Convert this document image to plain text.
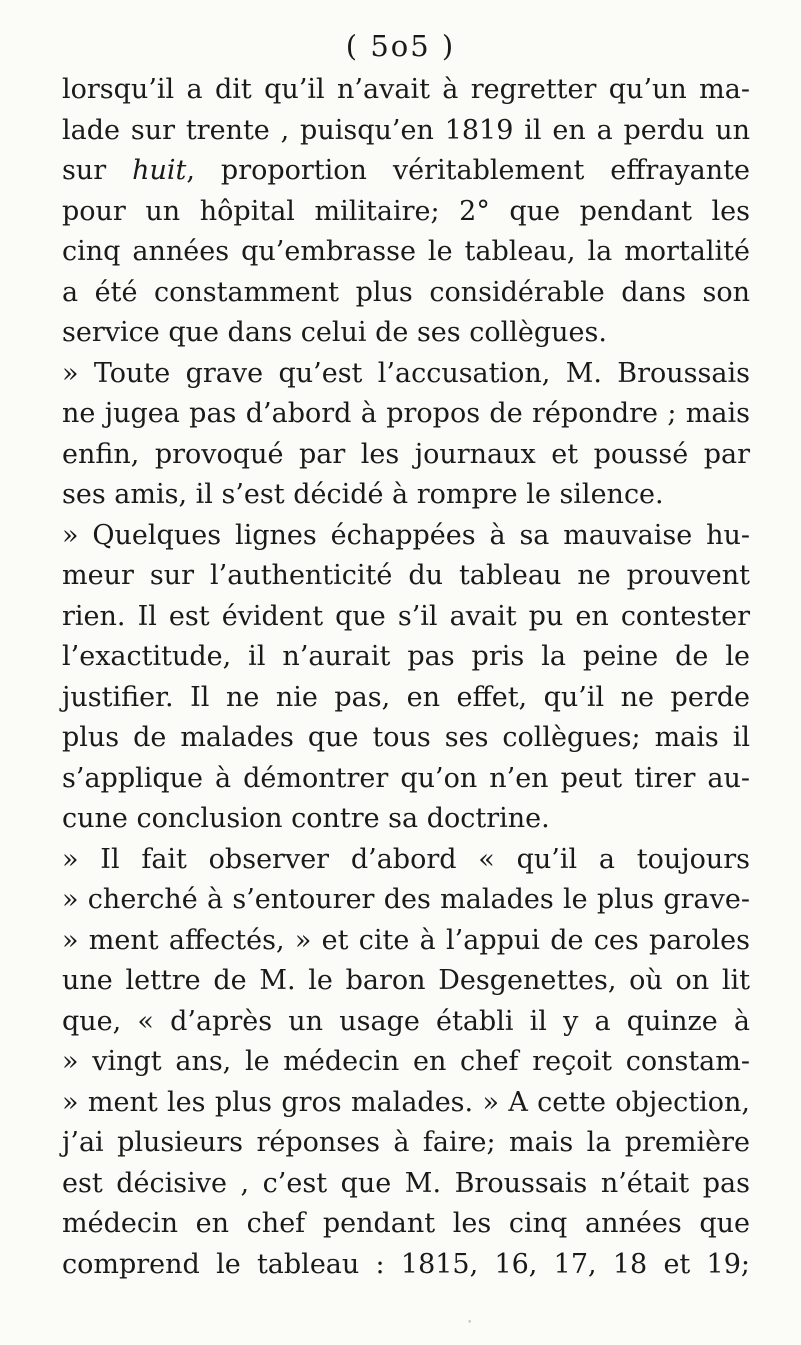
( 5o5 )
lorsqu’il a dit qu’il n’avait à regretter qu’un ma-
lade sur trente , puisqu’en 1819 il en a perdu un
sur huit, proportion véritablement effrayante
pour un hôpital militaire; 2° que pendant les
cinq années qu’embrasse le tableau, la mortalité
a été constamment plus considérable dans son
service que dans celui de ses collègues.
» Toute grave qu’est l’accusation, M. Broussais
ne jugea pas d’abord à propos de répondre ; mais
enfin, provoqué par les journaux et poussé par
ses amis, il s’est décidé à rompre le silence.
» Quelques lignes échappées à sa mauvaise hu-
meur sur l’authenticité du tableau ne prouvent
rien. Il est évident que s’il avait pu en contester
l’exactitude, il n’aurait pas pris la peine de le
justifier. Il ne nie pas, en effet, qu’il ne perde
plus de malades que tous ses collègues; mais il
s’applique à démontrer qu’on n’en peut tirer au-
cune conclusion contre sa doctrine.
» Il fait observer d’abord « qu’il a toujours
» cherché à s’entourer des malades le plus grave-
» ment affectés, » et cite à l’appui de ces paroles
une lettre de M. le baron Desgenettes, où on lit
que, « d’après un usage établi il y a quinze à
» vingt ans, le médecin en chef reçoit constam-
» ment les plus gros malades. » A cette objection,
j’ai plusieurs réponses à faire; mais la première
est décisive , c’est que M. Broussais n’était pas
médecin en chef pendant les cinq années que
comprend le tableau : 1815, 16, 17, 18 et 19;
•
